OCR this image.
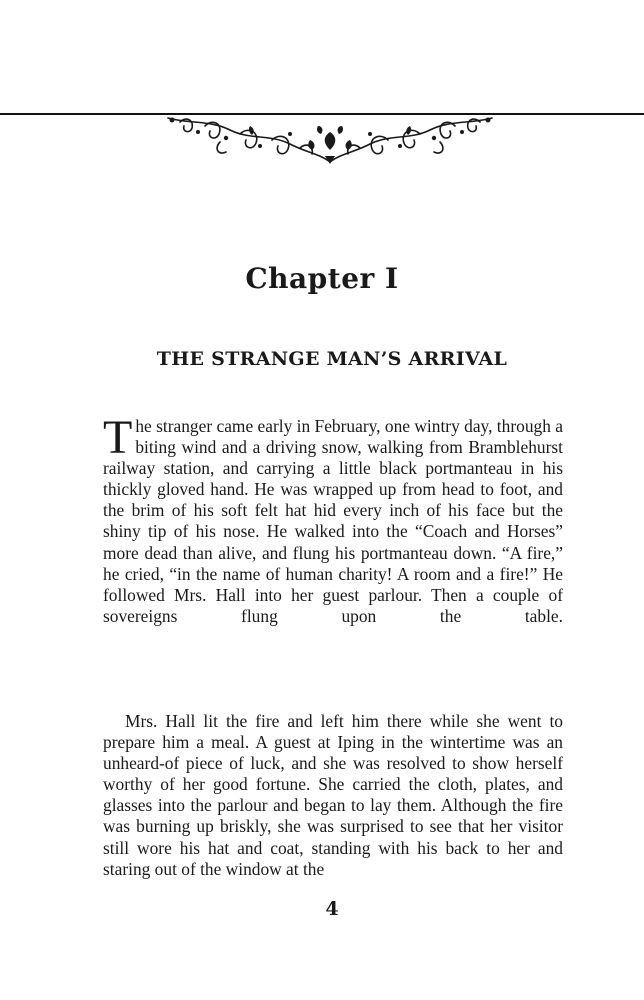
Chapter I
THE STRANGE MAN’S ARRIVAL

The stranger came early in February, one wintry day, through a biting wind and a driving snow, walking from Bramblehurst railway station, and carrying a little black portmanteau in his thickly gloved hand. He was wrapped up from head to foot, and the brim of his soft felt hat hid every inch of his face but the shiny tip of his nose. He walked into the “Coach and Horses” more dead than alive, and flung his portmanteau down. “A fire,” he cried, “in the name of human charity! A room and a fire!” He followed Mrs. Hall into her guest parlour. Then a couple of sovereigns flung upon the table.

Mrs. Hall lit the fire and left him there while she went to prepare him a meal. A guest at Iping in the wintertime was an unheard-of piece of luck, and she was resolved to show herself worthy of her good fortune. She carried the cloth, plates, and glasses into the parlour and began to lay them. Although the fire was burning up briskly, she was surprised to see that her visitor still wore his hat and coat, standing with his back to her and staring out of the window at the

4
